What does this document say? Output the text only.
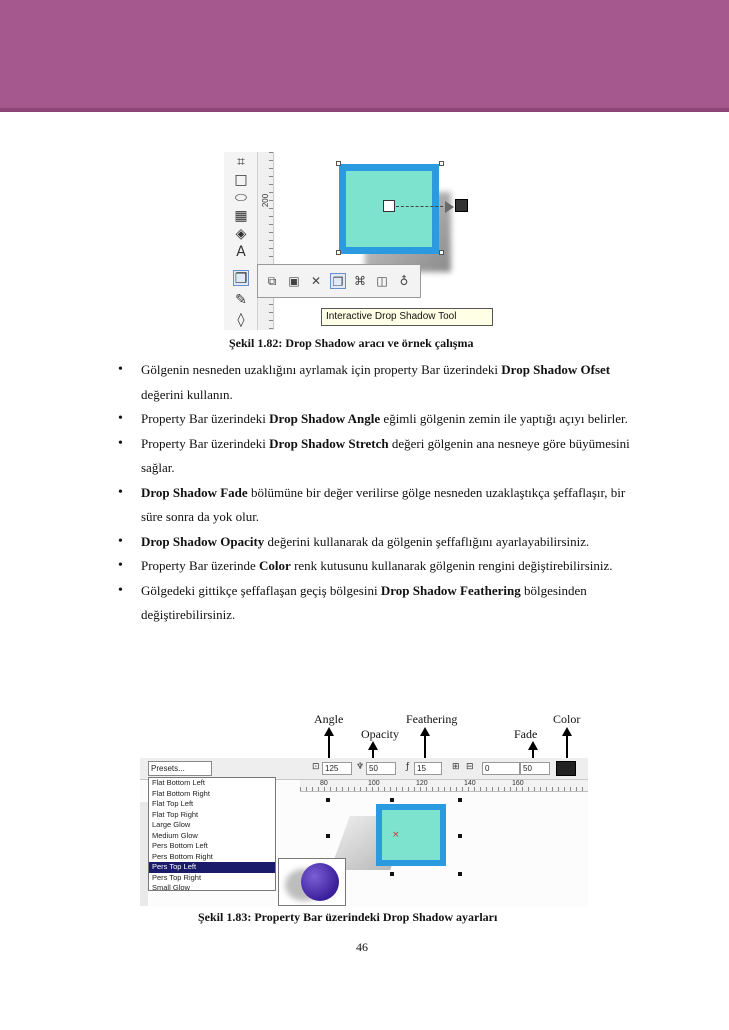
⌗
□
⬭
▦
◈
A
❐
✎
◊
200
⧉	▣ ✕ ❐ ⌘ ◫ ♁
Interactive Drop Shadow Tool
Şekil 1.82: Drop Shadow aracı ve örnek çalışma
• Gölgenin nesneden uzaklığını ayrlamak için property Bar üzerindeki Drop Shadow Ofset değerini kullanın.
• Property Bar üzerindeki Drop Shadow Angle eğimli gölgenin zemin ile yaptığı açıyı belirler.
• Property Bar üzerindeki Drop Shadow Stretch değeri gölgenin ana nesneye göre büyümesini sağlar.
• Drop Shadow Fade bölümüne bir değer verilirse gölge nesneden uzaklaştıkça şeffaflaşır, bir süre sonra da yok olur.
• Drop Shadow Opacity değerini kullanarak da gölgenin şeffaflığını ayarlayabilirsiniz.
• Property Bar üzerinde Color renk kutusunu kullanarak gölgenin rengini değiştirebilirsiniz.
• Gölgedeki gittikçe şeffaflaşan geçiş bölgesini Drop Shadow Feathering bölgesinden değiştirebilirsiniz.
Angle	Feathering	Color
Opacity	Fade
Presets...	⊡ 125	♆ 50	ƒ 15	⊞ ⊟	0	50
80	100	120	140	160
×
Flat Bottom Left
Flat Bottom Right
Flat Top Left
Flat Top Right
Large Glow
Medium Glow
Pers Bottom Left
Pers Bottom Right
Pers Top Left
Pers Top Right
Small Glow
Şekil 1.83: Property Bar üzerindeki Drop Shadow ayarları
46
